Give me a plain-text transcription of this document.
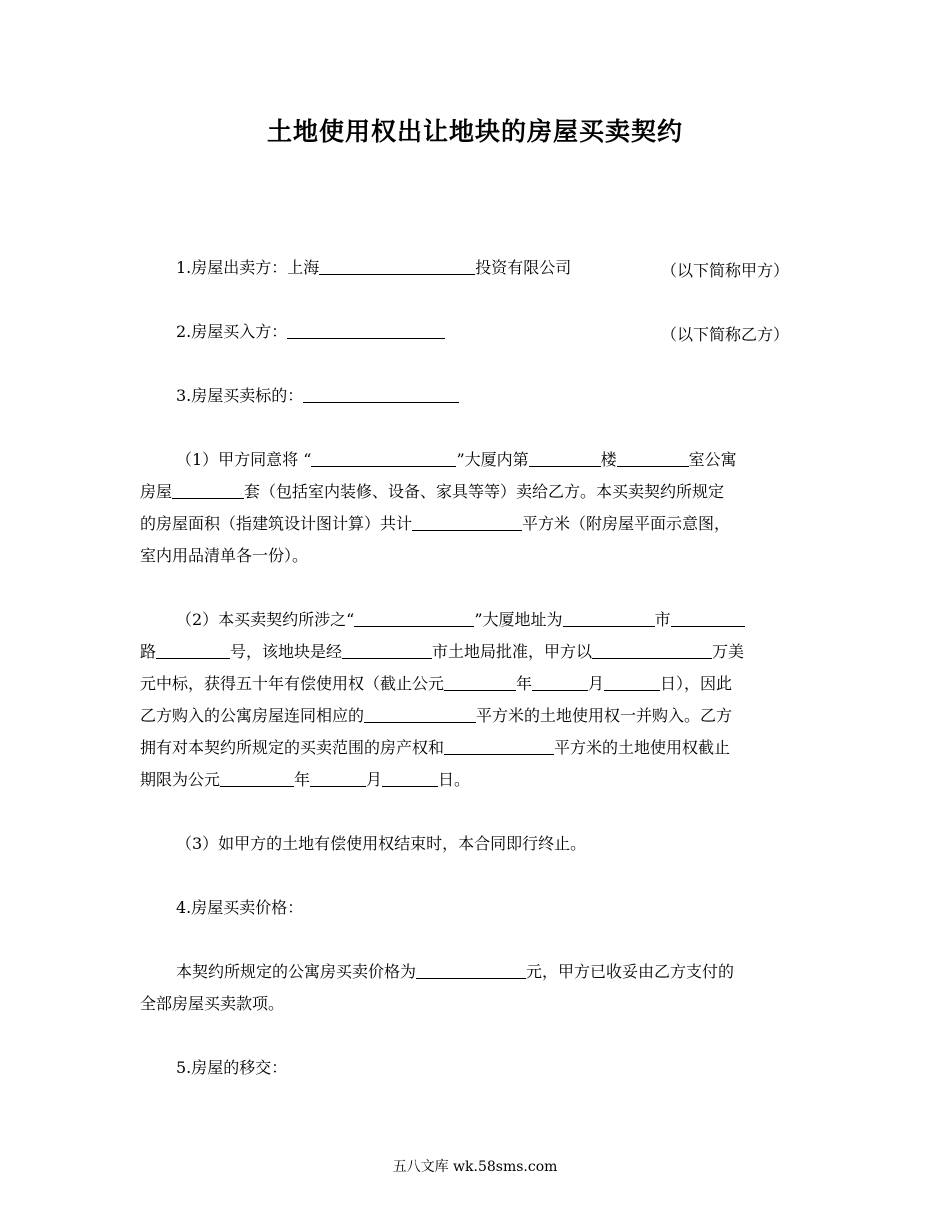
土地使用权出让地块的房屋买卖契约
1.房屋出卖方：上海	投资有限公司	（以下简称甲方）
2.房屋买入方：	（以下简称乙方）
3.房屋买卖标的：
（1）甲方同意将 “	”大厦内第	楼	室公寓
房屋	套（包括室内装修、设备、家具等等）卖给乙方。本买卖契约所规定
的房屋面积（指建筑设计图计算）共计	平方米（附房屋平面示意图，
室内用品清单各一份）。
（2）本买卖契约所涉之“	”大厦地址为	市
路	号，该地块是经	市土地局批准，甲方以	万美
元中标，获得五十年有偿使用权（截止公元	年	月	日），因此
乙方购入的公寓房屋连同相应的	平方米的土地使用权一并购入。乙方
拥有对本契约所规定的买卖范围的房产权和	平方米的土地使用权截止
期限为公元	年	月	日。
（3）如甲方的土地有偿使用权结束时，本合同即行终止。
4.房屋买卖价格：
本契约所规定的公寓房买卖价格为	元，甲方已收妥由乙方支付的
全部房屋买卖款项。
5.房屋的移交：
五八文库 wk.58sms.com
